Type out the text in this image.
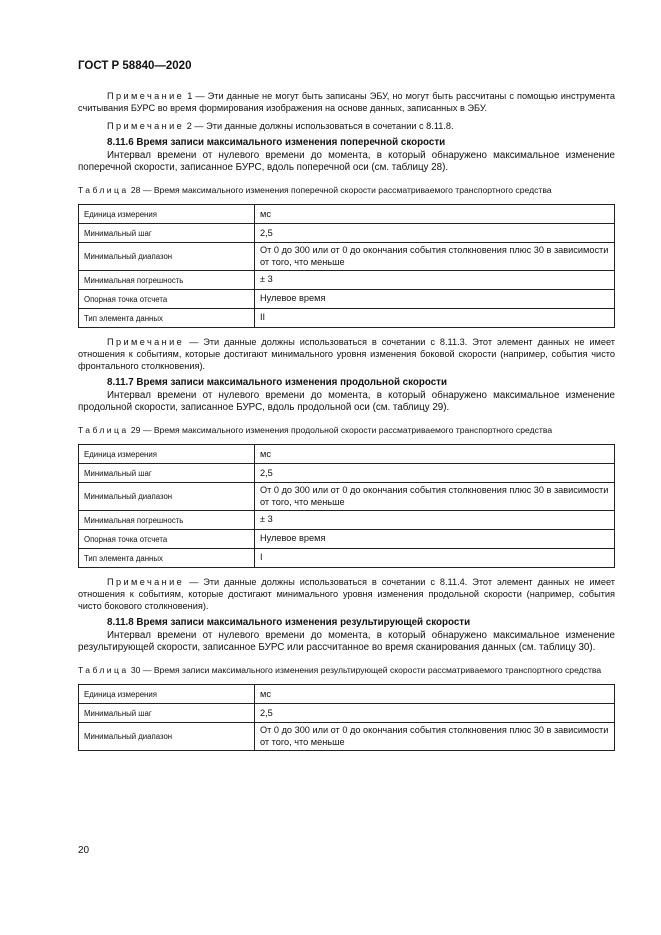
ГОСТ Р 58840—2020

Примечание 1 — Эти данные не могут быть записаны ЭБУ, но могут быть рассчитаны с помощью инструмента считывания БУРС во время формирования изображения на основе данных, записанных в ЭБУ.

Примечание 2 — Эти данные должны использоваться в сочетании с 8.11.8.

8.11.6 Время записи максимального изменения поперечной скорости

Интервал времени от нулевого времени до момента, в который обнаружено максимальное изменение поперечной скорости, записанное БУРС, вдоль поперечной оси (см. таблицу 28).

Таблица 28 — Время максимального изменения поперечной скорости рассматриваемого транспортного средства

Единица измерения	мс
Минимальный шаг	2,5
Минимальный диапазон	От 0 до 300 или от 0 до окончания события столкновения плюс 30 в зависимости от того, что меньше
Минимальная погрешность	± 3
Опорная точка отсчета	Нулевое время
Тип элемента данных	II

Примечание — Эти данные должны использоваться в сочетании с 8.11.3. Этот элемент данных не имеет отношения к событиям, которые достигают минимального уровня изменения боковой скорости (например, события чисто фронтального столкновения).

8.11.7 Время записи максимального изменения продольной скорости

Интервал времени от нулевого времени до момента, в который обнаружено максимальное изменение продольной скорости, записанное БУРС, вдоль продольной оси (см. таблицу 29).

Таблица 29 — Время максимального изменения продольной скорости рассматриваемого транспортного средства

Единица измерения	мс
Минимальный шаг	2,5
Минимальный диапазон	От 0 до 300 или от 0 до окончания события столкновения плюс 30 в зависимости от того, что меньше
Минимальная погрешность	± 3
Опорная точка отсчета	Нулевое время
Тип элемента данных	I

Примечание — Эти данные должны использоваться в сочетании с 8.11.4. Этот элемент данных не имеет отношения к событиям, которые достигают минимального уровня изменения продольной скорости (например, события чисто бокового столкновения).

8.11.8 Время записи максимального изменения результирующей скорости

Интервал времени от нулевого времени до момента, в который обнаружено максимальное изменение результирующей скорости, записанное БУРС или рассчитанное во время сканирования данных (см. таблицу 30).

Таблица 30 — Время записи максимального изменения результирующей скорости рассматриваемого транспортного средства

Единица измерения	мс
Минимальный шаг	2,5
Минимальный диапазон	От 0 до 300 или от 0 до окончания события столкновения плюс 30 в зависимости от того, что меньше
20
